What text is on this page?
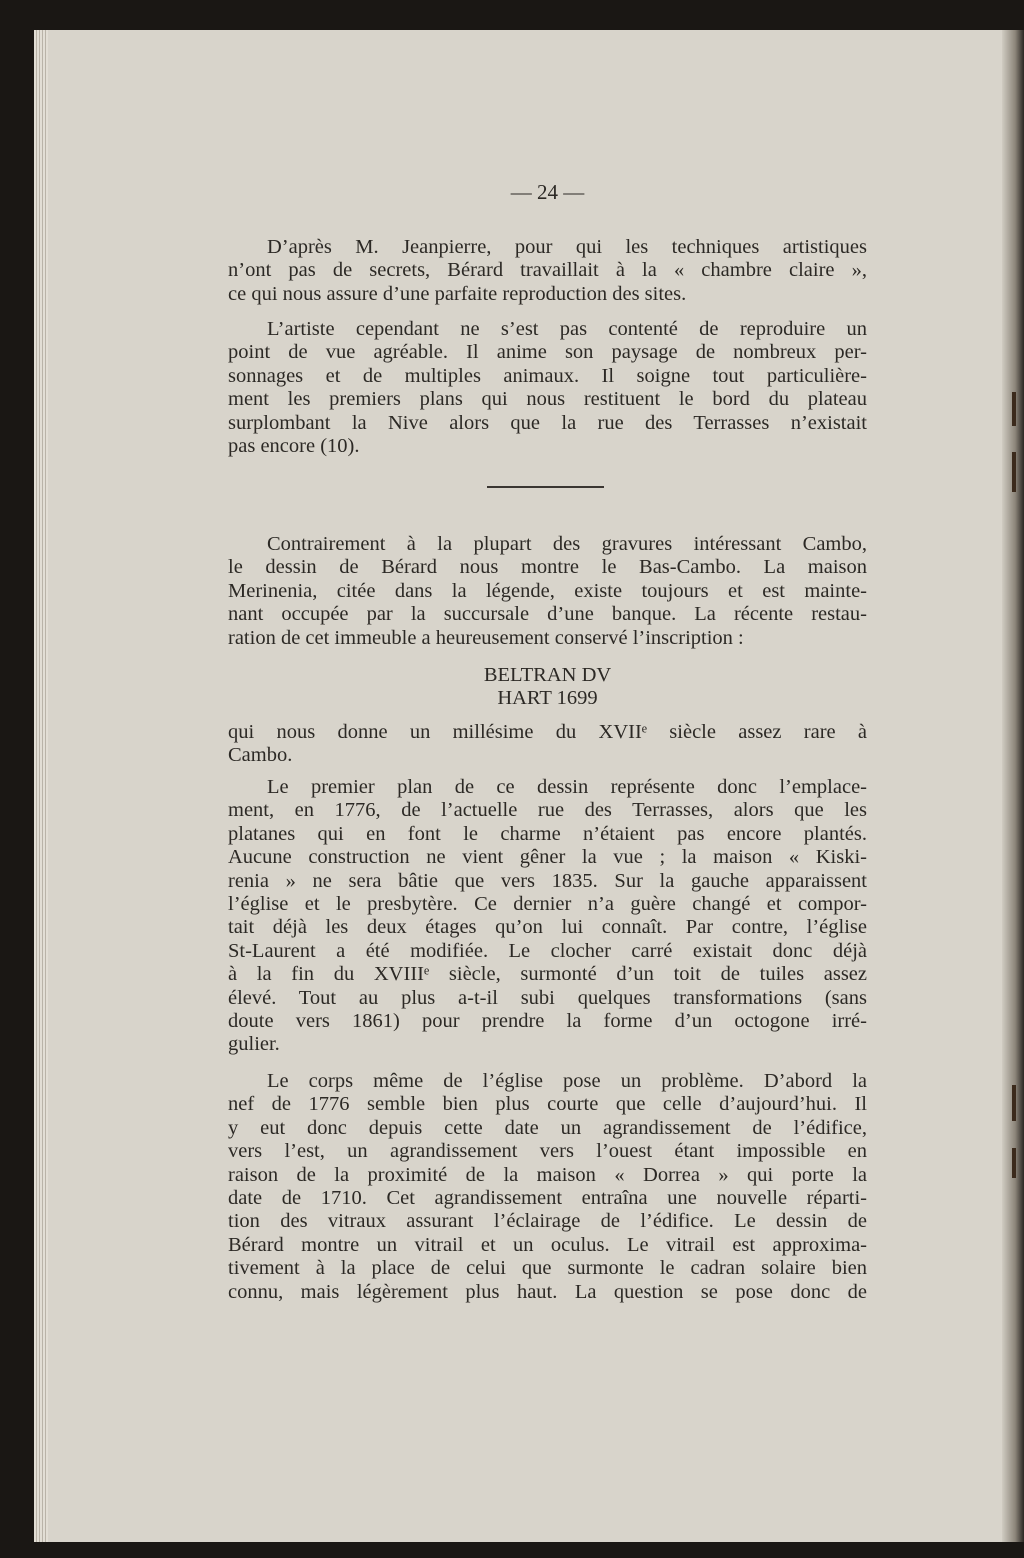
— 24 —
D’après M. Jeanpierre, pour qui les techniques artistiques
n’ont pas de secrets, Bérard travaillait à la « chambre claire »,
ce qui nous assure d’une parfaite reproduction des sites.
L’artiste cependant ne s’est pas contenté de reproduire un
point de vue agréable. Il anime son paysage de nombreux per-
sonnages et de multiples animaux. Il soigne tout particulière-
ment les premiers plans qui nous restituent le bord du plateau
surplombant la Nive alors que la rue des Terrasses n’existait
pas encore (10).
Contrairement à la plupart des gravures intéressant Cambo,
le dessin de Bérard nous montre le Bas-Cambo. La maison
Merinenia, citée dans la légende, existe toujours et est mainte-
nant occupée par la succursale d’une banque. La récente restau-
ration de cet immeuble a heureusement conservé l’inscription :
BELTRAN DV
HART 1699
qui nous donne un millésime du XVIIᵉ siècle assez rare à
Cambo.
Le premier plan de ce dessin représente donc l’emplace-
ment, en 1776, de l’actuelle rue des Terrasses, alors que les
platanes qui en font le charme n’étaient pas encore plantés.
Aucune construction ne vient gêner la vue ; la maison « Kiski-
renia » ne sera bâtie que vers 1835. Sur la gauche apparaissent
l’église et le presbytère. Ce dernier n’a guère changé et compor-
tait déjà les deux étages qu’on lui connaît. Par contre, l’église
St-Laurent a été modifiée. Le clocher carré existait donc déjà
à la fin du XVIIIᵉ siècle, surmonté d’un toit de tuiles assez
élevé. Tout au plus a-t-il subi quelques transformations (sans
doute vers 1861) pour prendre la forme d’un octogone irré-
gulier.
Le corps même de l’église pose un problème. D’abord la
nef de 1776 semble bien plus courte que celle d’aujourd’hui. Il
y eut donc depuis cette date un agrandissement de l’édifice,
vers l’est, un agrandissement vers l’ouest étant impossible en
raison de la proximité de la maison « Dorrea » qui porte la
date de 1710. Cet agrandissement entraîna une nouvelle réparti-
tion des vitraux assurant l’éclairage de l’édifice. Le dessin de
Bérard montre un vitrail et un oculus. Le vitrail est approxima-
tivement à la place de celui que surmonte le cadran solaire bien
connu, mais légèrement plus haut. La question se pose donc de
